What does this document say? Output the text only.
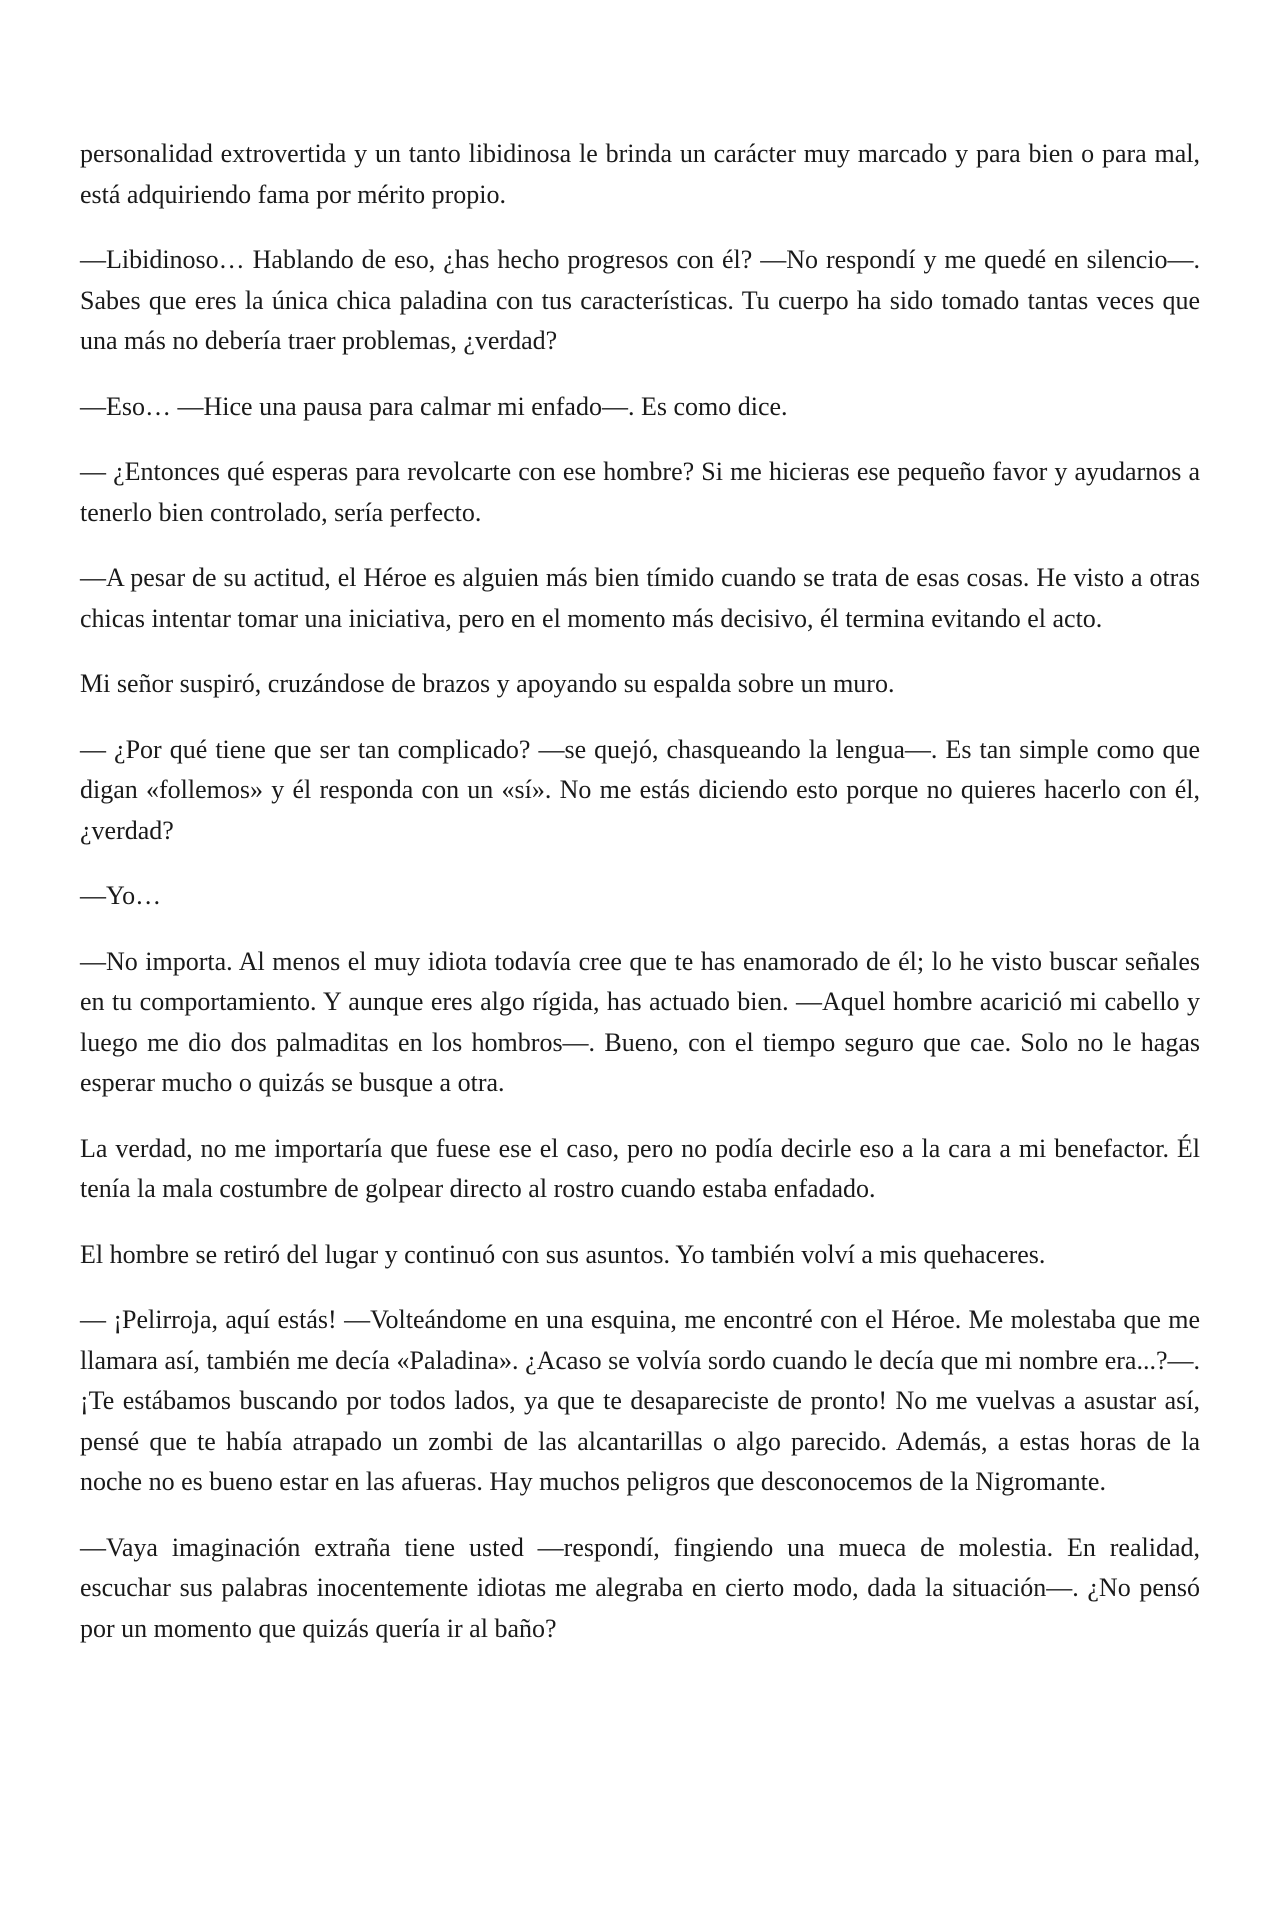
personalidad extrovertida y un tanto libidinosa le brinda un carácter muy marcado y para bien o para mal, está adquiriendo fama por mérito propio.

—Libidinoso… Hablando de eso, ¿has hecho progresos con él? —No respondí y me quedé en silencio—. Sabes que eres la única chica paladina con tus características. Tu cuerpo ha sido tomado tantas veces que una más no debería traer problemas, ¿verdad?

—Eso… —Hice una pausa para calmar mi enfado—. Es como dice.

— ¿Entonces qué esperas para revolcarte con ese hombre? Si me hicieras ese pequeño favor y ayudarnos a tenerlo bien controlado, sería perfecto.

—A pesar de su actitud, el Héroe es alguien más bien tímido cuando se trata de esas cosas. He visto a otras chicas intentar tomar una iniciativa, pero en el momento más decisivo, él termina evitando el acto.

Mi señor suspiró, cruzándose de brazos y apoyando su espalda sobre un muro.

— ¿Por qué tiene que ser tan complicado? —se quejó, chasqueando la lengua—. Es tan simple como que digan «follemos» y él responda con un «sí». No me estás diciendo esto porque no quieres hacerlo con él, ¿verdad?

—Yo…

—No importa. Al menos el muy idiota todavía cree que te has enamorado de él; lo he visto buscar señales en tu comportamiento. Y aunque eres algo rígida, has actuado bien. —Aquel hombre acarició mi cabello y luego me dio dos palmaditas en los hombros—. Bueno, con el tiempo seguro que cae. Solo no le hagas esperar mucho o quizás se busque a otra.

La verdad, no me importaría que fuese ese el caso, pero no podía decirle eso a la cara a mi benefactor. Él tenía la mala costumbre de golpear directo al rostro cuando estaba enfadado.

El hombre se retiró del lugar y continuó con sus asuntos. Yo también volví a mis quehaceres.

— ¡Pelirroja, aquí estás! —Volteándome en una esquina, me encontré con el Héroe. Me molestaba que me llamara así, también me decía «Paladina». ¿Acaso se volvía sordo cuando le decía que mi nombre era...?—. ¡Te estábamos buscando por todos lados, ya que te desapareciste de pronto! No me vuelvas a asustar así, pensé que te había atrapado un zombi de las alcantarillas o algo parecido. Además, a estas horas de la noche no es bueno estar en las afueras. Hay muchos peligros que desconocemos de la Nigromante.

—Vaya imaginación extraña tiene usted —respondí, fingiendo una mueca de molestia. En realidad, escuchar sus palabras inocentemente idiotas me alegraba en cierto modo, dada la situación—. ¿No pensó por un momento que quizás quería ir al baño?
